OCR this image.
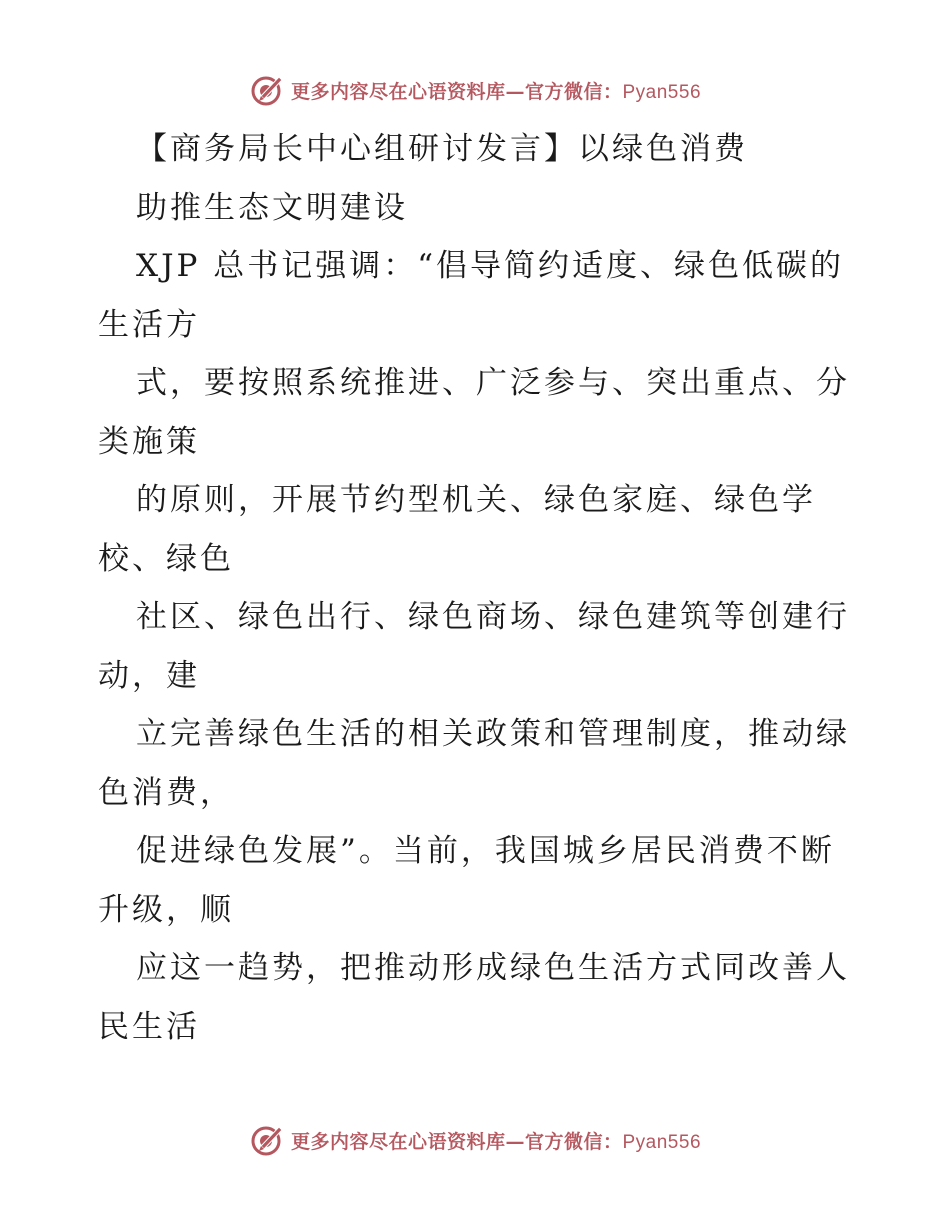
更多内容尽在心语资料库—官方微信：Pyan556
【商务局长中心组研讨发言】以绿色消费
助推生态文明建设
XJP 总书记强调：“倡导简约适度、绿色低碳的
生活方
式，要按照系统推进、广泛参与、突出重点、分
类施策
的原则，开展节约型机关、绿色家庭、绿色学
校、绿色
社区、绿色出行、绿色商场、绿色建筑等创建行
动，建
立完善绿色生活的相关政策和管理制度，推动绿
色消费，
促进绿色发展”。当前，我国城乡居民消费不断
升级，顺
应这一趋势，把推动形成绿色生活方式同改善人
民生活
更多内容尽在心语资料库—官方微信：Pyan556
